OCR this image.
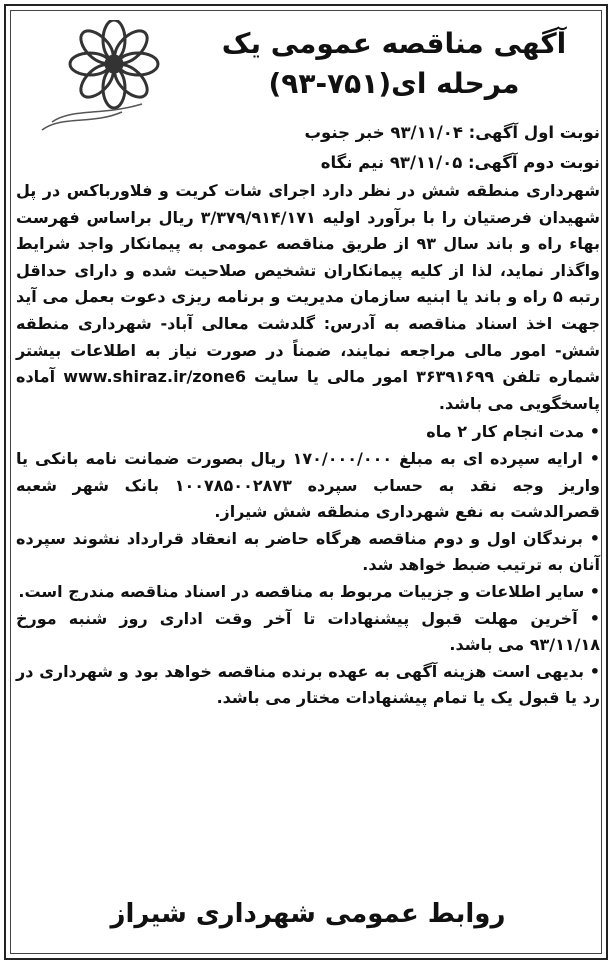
آگهی مناقصه عمومی یک
مرحله ای(۷۵۱-۹۳)
نوبت اول آگهی: ۹۳/۱۱/۰۴ خبر جنوب
نوبت دوم آگهی: ۹۳/۱۱/۰۵ نیم نگاه

شهرداری منطقه شش در نظر دارد اجرای شات کریت و فلاورباکس در پل شهیدان فرصتیان را با برآورد اولیه ۳/۳۷۹/۹۱۴/۱۷۱ ریال براساس فهرست بهاء راه و باند سال ۹۳ از طریق مناقصه عمومی به پیمانکار واجد شرایط واگذار نماید، لذا از کلیه پیمانکاران تشخیص صلاحیت شده و دارای حداقل رتبه ۵ راه و باند یا ابنیه سازمان مدیریت و برنامه ریزی دعوت بعمل می آید جهت اخذ اسناد مناقصه به آدرس: گلدشت معالی آباد- شهرداری منطقه شش- امور مالی مراجعه نمایند، ضمناً در صورت نیاز به اطلاعات بیشتر شماره تلفن ۳۶۳۹۱۶۹۹ امور مالی یا سایت www.shiraz.ir/zone6 آماده پاسخگویی می باشد.

• مدت انجام کار ۲ ماه
• ارایه سپرده ای به مبلغ ۱۷۰/۰۰۰/۰۰۰ ریال بصورت ضمانت نامه بانکی یا واریز وجه نقد به حساب سپرده ۱۰۰۷۸۵۰۰۲۸۷۳ بانک شهر شعبه قصرالدشت به نفع شهرداری منطقه شش شیراز.
• برندگان اول و دوم مناقصه هرگاه حاضر به انعقاد قرارداد نشوند سپرده آنان به ترتیب ضبط خواهد شد.
• سایر اطلاعات و جزییات مربوط به مناقصه در اسناد مناقصه مندرج است.
• آخرین مهلت قبول پیشنهادات تا آخر وقت اداری روز شنبه مورخ ۹۳/۱۱/۱۸ می باشد.
• بدیهی است هزینه آگهی به عهده برنده مناقصه خواهد بود و شهرداری در رد یا قبول یک یا تمام پیشنهادات مختار می باشد.
روابط عمومی شهرداری شیراز
